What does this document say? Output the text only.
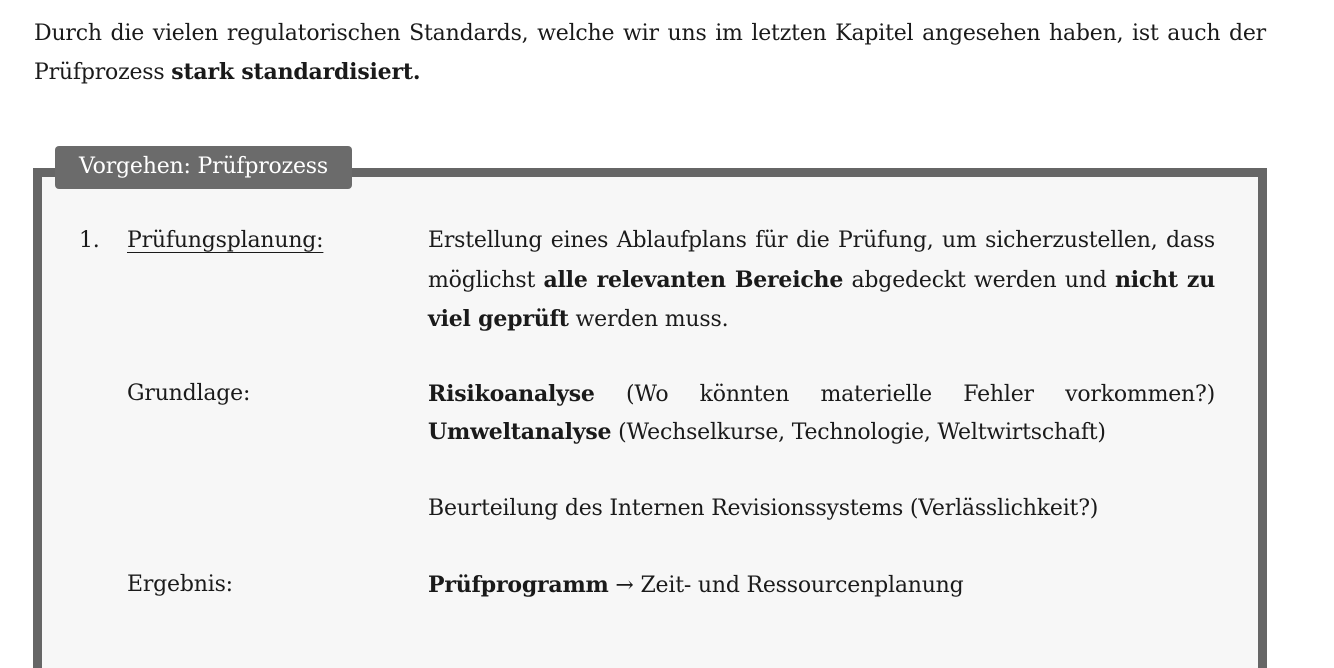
Durch die vielen regulatorischen Standards, welche wir uns im letzten Kapitel angesehen haben, ist auch der Prüfprozess stark standardisiert.
Vorgehen: Prüfprozess
1. Prüfungsplanung:	Erstellung eines Ablaufplans für die Prüfung, um sicherzustellen, dass möglichst alle relevanten Bereiche abgedeckt werden und nicht zu viel geprüft werden muss.
Grundlage:	Risikoanalyse (Wo könnten materielle Fehler vorkommen?)
Umweltanalyse (Wechselkurse, Technologie, Weltwirtschaft)
Beurteilung des Internen Revisionssystems (Verlässlichkeit?)
Ergebnis:	Prüfprogramm → Zeit- und Ressourcenplanung
